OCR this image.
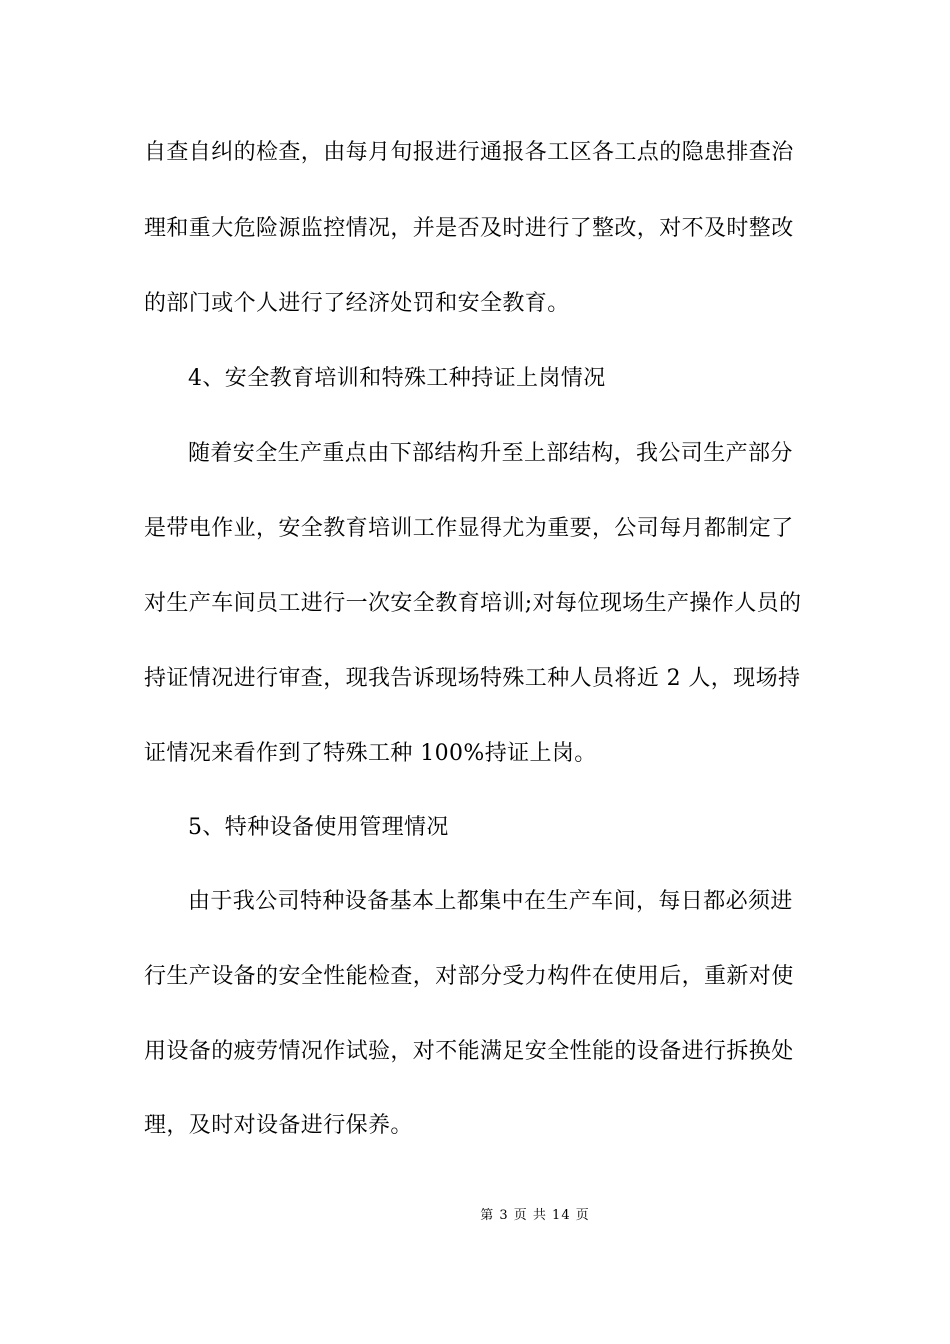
自查自纠的检查，由每月旬报进行通报各工区各工点的隐患排查治
理和重大危险源监控情况，并是否及时进行了整改，对不及时整改
的部门或个人进行了经济处罚和安全教育。
4、安全教育培训和特殊工种持证上岗情况
随着安全生产重点由下部结构升至上部结构，我公司生产部分
是带电作业，安全教育培训工作显得尤为重要，公司每月都制定了
对生产车间员工进行一次安全教育培训;对每位现场生产操作人员的
持证情况进行审查，现我告诉现场特殊工种人员将近 2 人，现场持
证情况来看作到了特殊工种 100%持证上岗。
5、特种设备使用管理情况
由于我公司特种设备基本上都集中在生产车间，每日都必须进
行生产设备的安全性能检查，对部分受力构件在使用后，重新对使
用设备的疲劳情况作试验，对不能满足安全性能的设备进行拆换处
理，及时对设备进行保养。
第 3 页 共 14 页
